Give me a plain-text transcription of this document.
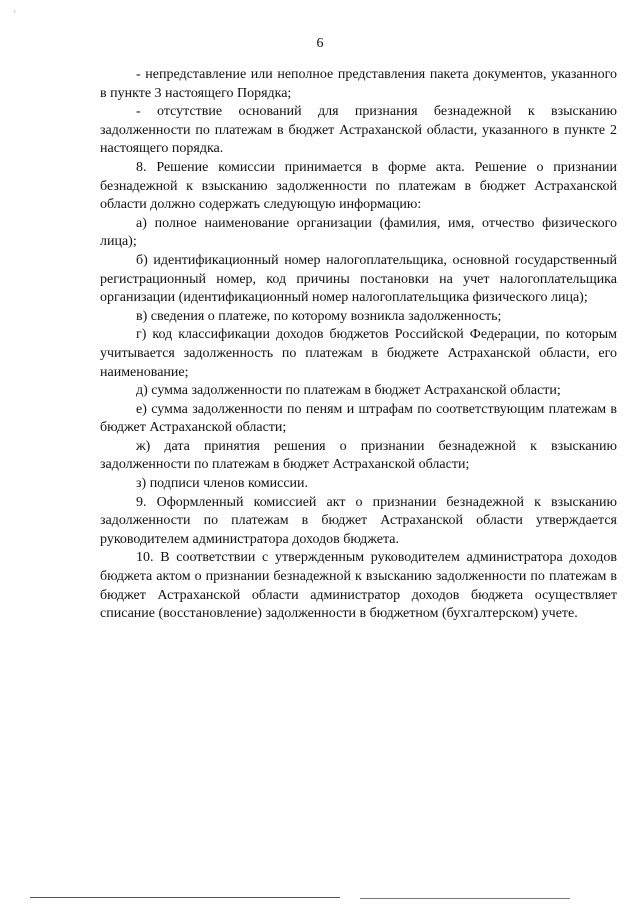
'
6

- непредставление или неполное представления пакета документов, указанного в пункте 3 настоящего Порядка;

- отсутствие оснований для признания безнадежной к взысканию задолженности по платежам в бюджет Астраханской области, указанного в пункте 2 настоящего порядка.

8. Решение комиссии принимается в форме акта. Решение о признании безнадежной к взысканию задолженности по платежам в бюджет Астраханской области должно содержать следующую информацию:

а) полное наименование организации (фамилия, имя, отчество физического лица);

б) идентификационный номер налогоплательщика, основной государственный регистрационный номер, код причины постановки на учет налогоплательщика организации (идентификационный номер налогоплательщика физического лица);

в) сведения о платеже, по которому возникла задолженность;

г) код классификации доходов бюджетов Российской Федерации, по которым учитывается задолженность по платежам в бюджете Астраханской области, его наименование;

д) сумма задолженности по платежам в бюджет Астраханской области;

е) сумма задолженности по пеням и штрафам по соответствующим платежам в бюджет Астраханской области;

ж) дата принятия решения о признании безнадежной к взысканию задолженности по платежам в бюджет Астраханской области;

з) подписи членов комиссии.

9. Оформленный комиссией акт о признании безнадежной к взысканию задолженности по платежам в бюджет Астраханской области утверждается руководителем администратора доходов бюджета.

10. В соответствии с утвержденным руководителем администратора доходов бюджета актом о признании безнадежной к взысканию задолженности по платежам в бюджет Астраханской области администратор доходов бюджета осуществляет списание (восстановление) задолженности в бюджетном (бухгалтерском) учете.
